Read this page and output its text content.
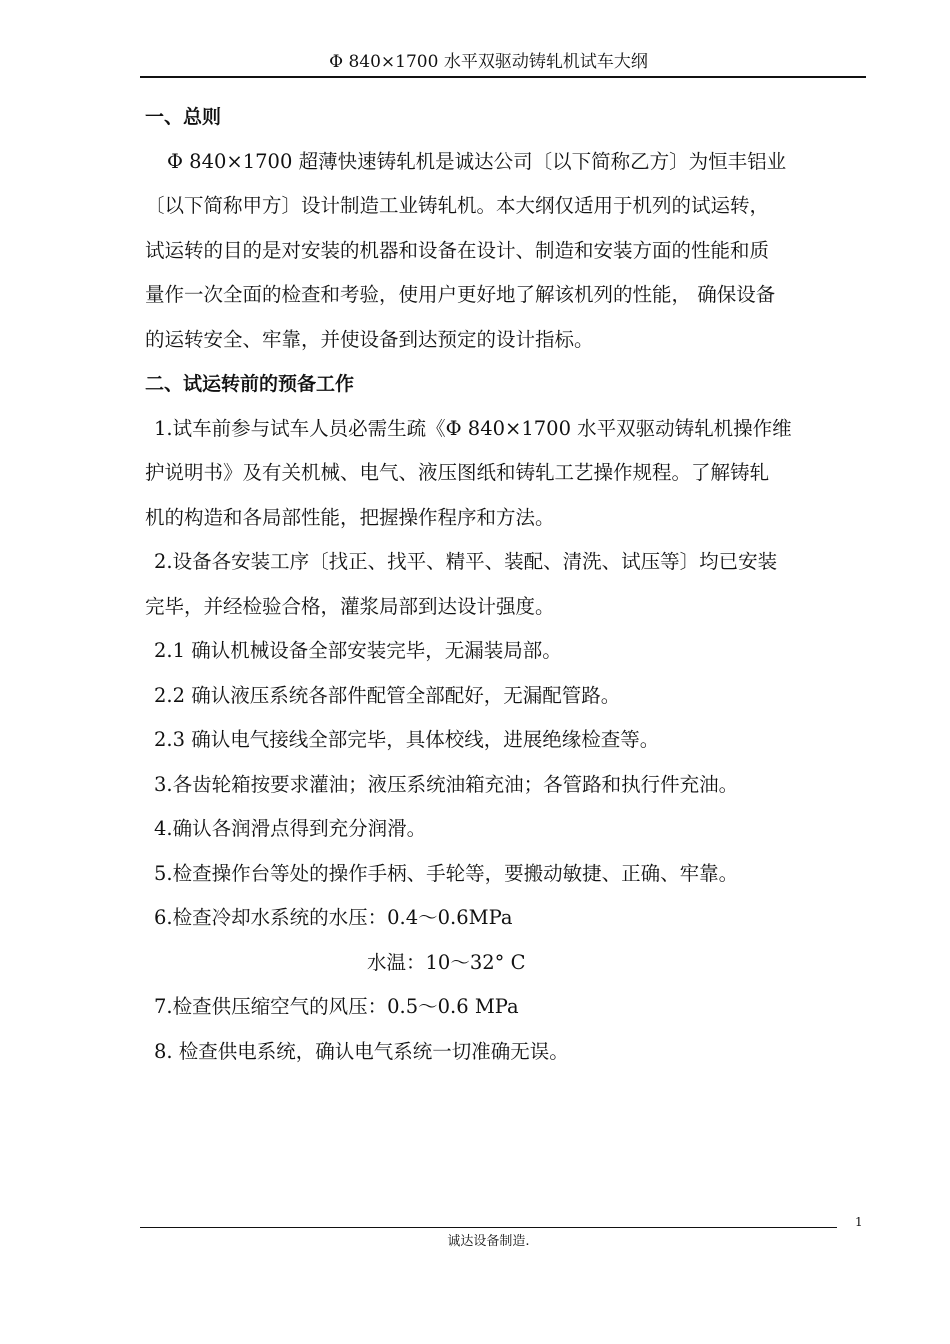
Φ 840×1700 水平双驱动铸轧机试车大纲
一、总则
Φ 840×1700 超薄快速铸轧机是诚达公司〔以下简称乙方〕为恒丰铝业
〔以下简称甲方〕设计制造工业铸轧机。本大纲仅适用于机列的试运转，
试运转的目的是对安装的机器和设备在设计、制造和安装方面的性能和质
量作一次全面的检查和考验，使用户更好地了解该机列的性能， 确保设备
的运转安全、牢靠，并使设备到达预定的设计指标。
二、试运转前的预备工作
1.试车前参与试车人员必需生疏《Φ 840×1700 水平双驱动铸轧机操作维
护说明书》及有关机械、电气、液压图纸和铸轧工艺操作规程。了解铸轧
机的构造和各局部性能，把握操作程序和方法。
2.设备各安装工序〔找正、找平、精平、装配、清洗、试压等〕均已安装
完毕，并经检验合格，灌浆局部到达设计强度。
2.1 确认机械设备全部安装完毕，无漏装局部。
2.2 确认液压系统各部件配管全部配好，无漏配管路。
2.3 确认电气接线全部完毕，具体校线，进展绝缘检查等。
3.各齿轮箱按要求灌油；液压系统油箱充油；各管路和执行件充油。
4.确认各润滑点得到充分润滑。
5.检查操作台等处的操作手柄、手轮等，要搬动敏捷、正确、牢靠。
6.检查冷却水系统的水压：0.4～0.6MPa
水温：10～32° C
7.检查供压缩空气的风压：0.5～0.6 MPa
8. 检查供电系统，确认电气系统一切准确无误。
1
诚达设备制造.
